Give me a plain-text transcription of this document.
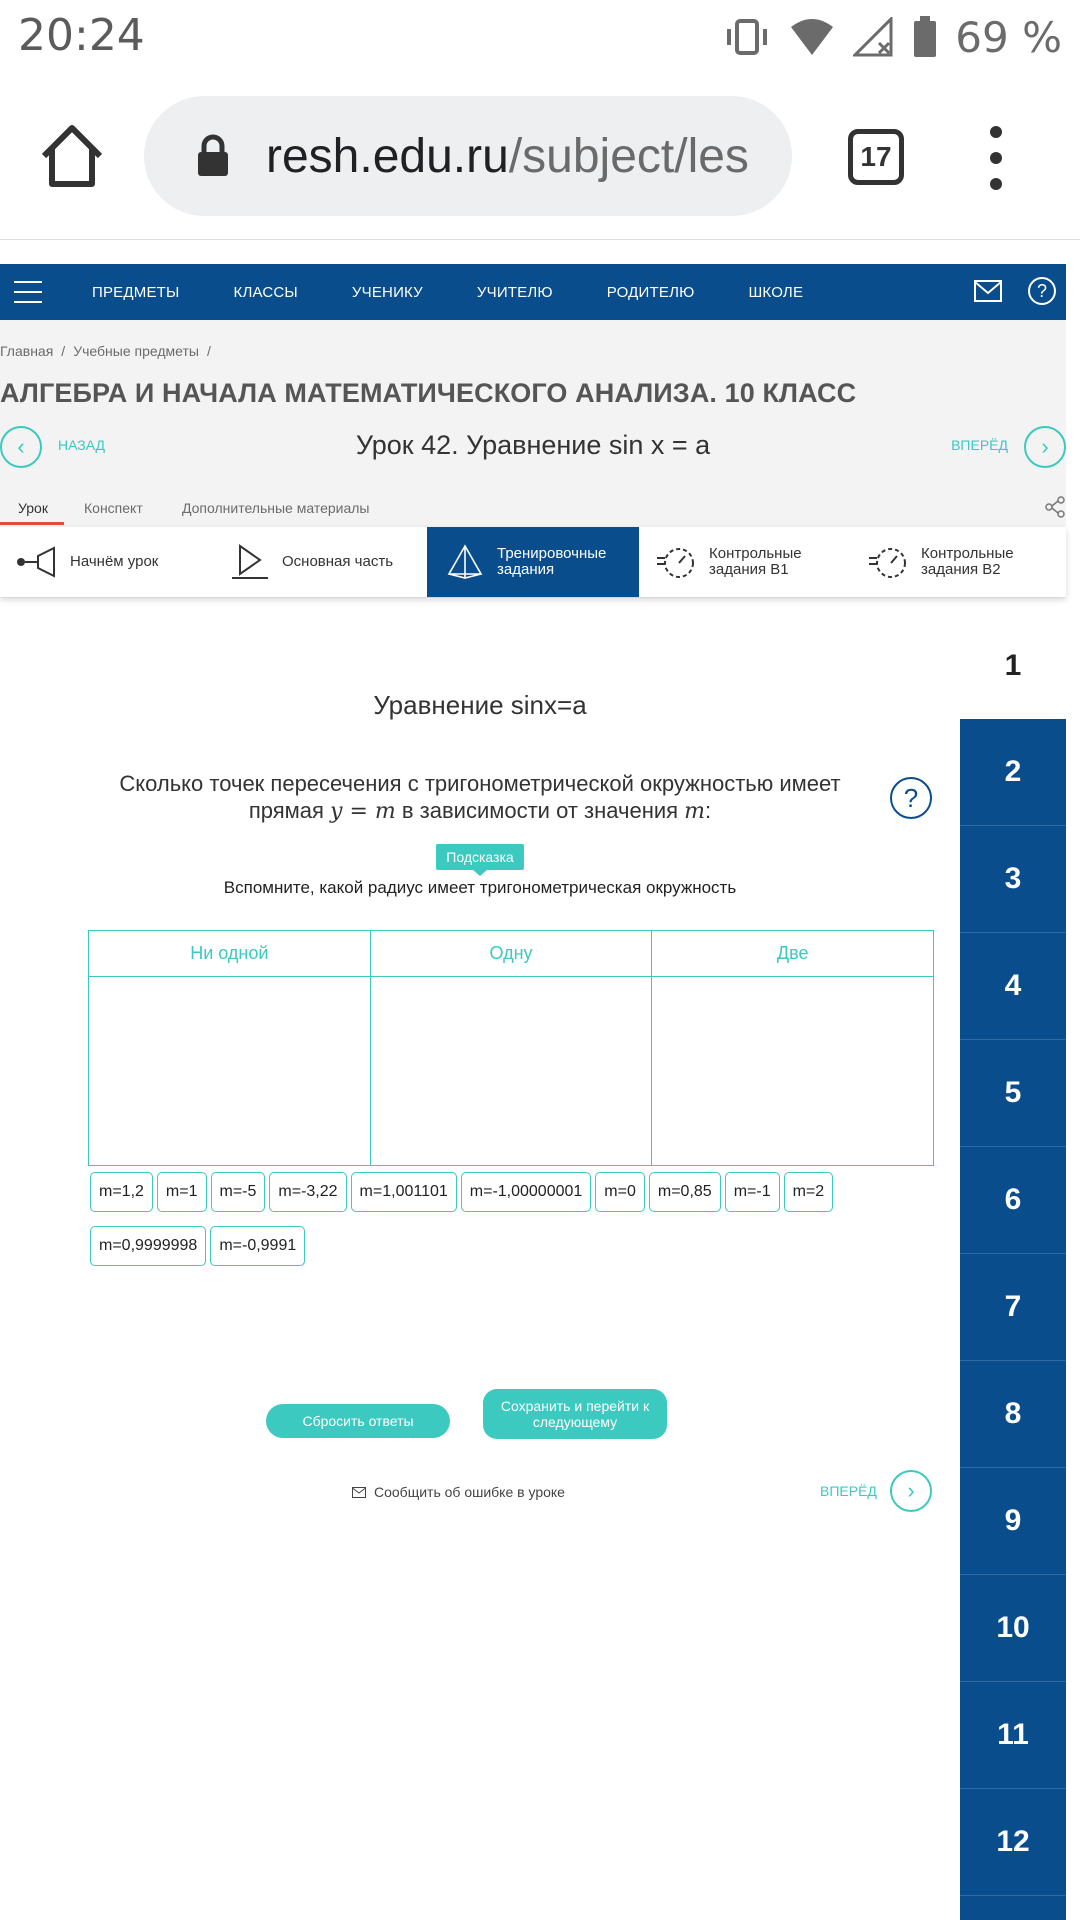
20:24	69 %
resh.edu.ru/subject/les	17
ПРЕДМЕТЫ	КЛАССЫ	УЧЕНИКУ	УЧИТЕЛЮ	РОДИТЕЛЮ	ШКОЛЕ	?
Главная / Учебные предметы /
АЛГЕБРА И НАЧАЛА МАТЕМАТИЧЕСКОГО АНАЛИЗА. 10 КЛАСС
‹	НАЗАД	Урок 42. Уравнение sin x = a	ВПЕРЁД	›
Урок	Конспект	Дополнительные материалы
Начнём урок	Основная часть	Тренировочные задания
Контрольные задания В1
Контрольные задания В2
Уравнение sinx=a
Сколько точек пересечения с тригонометрической окружностью имеет прямая y = m в зависимости от значения m:	?
Подсказка
Вспомните, какой радиус имеет тригонометрическая окружность
Ни одной	Одну	Две
m=1,2	m=1	m=-5	m=-3,22	m=1,001101	m=-1,00000001	m=0	m=0,85	m=-1	m=2
m=0,9999998	m=-0,9991
Сбросить ответы
Сохранить и перейти к следующему
Сообщить об ошибке в уроке	ВПЕРЁД	›
1
2
3
4
5
6
7
8
9
10
11
12
